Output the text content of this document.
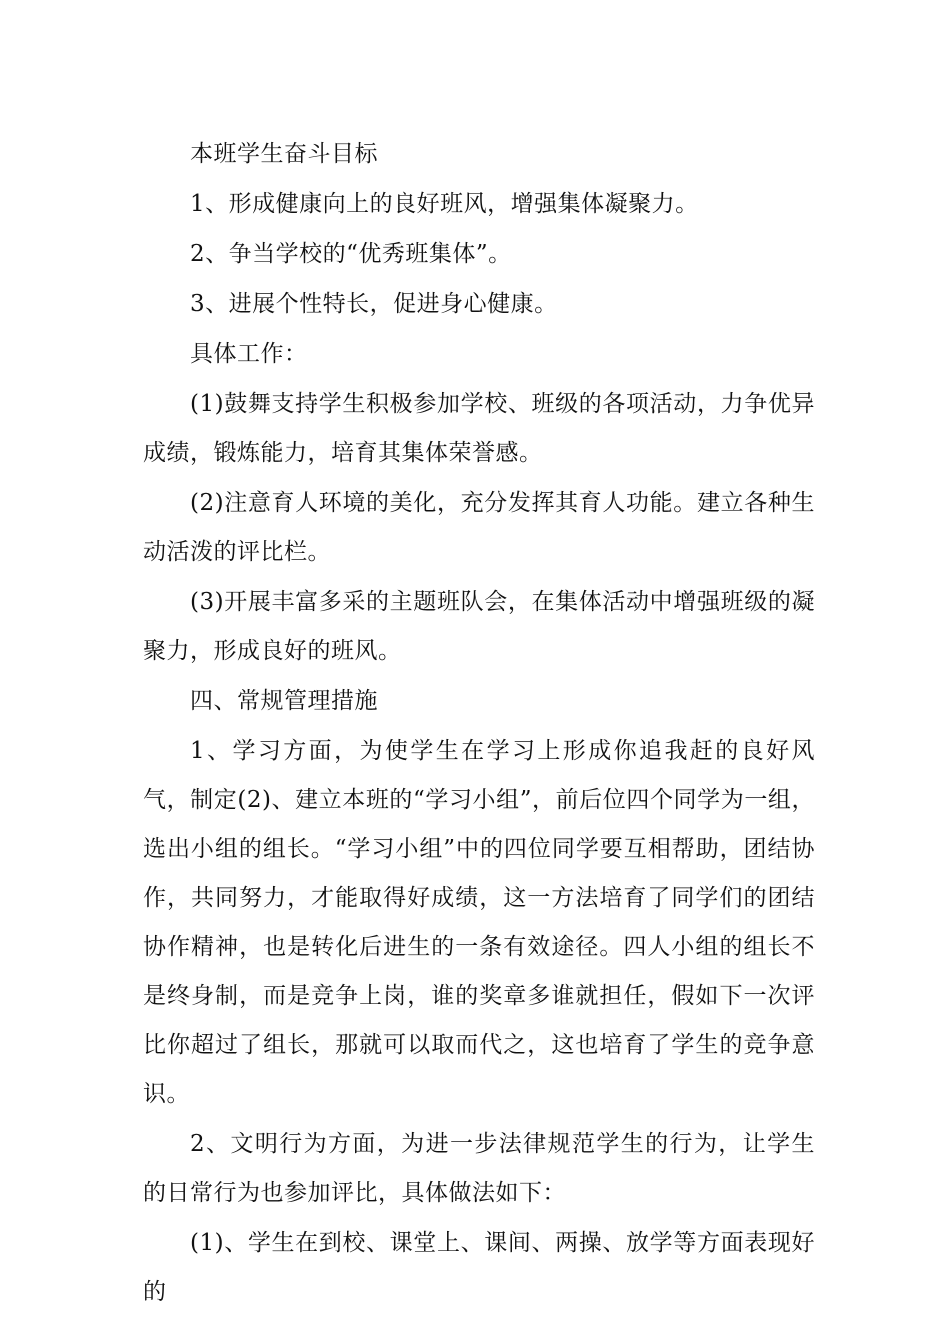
本班学生奋斗目标

1、形成健康向上的良好班风，增强集体凝聚力。

2、争当学校的“优秀班集体”。

3、进展个性特长，促进身心健康。

具体工作：

(1)鼓舞支持学生积极参加学校、班级的各项活动，力争优异成绩，锻炼能力，培育其集体荣誉感。

(2)注意育人环境的美化，充分发挥其育人功能。建立各种生动活泼的评比栏。

(3)开展丰富多采的主题班队会，在集体活动中增强班级的凝聚力，形成良好的班风。

四、常规管理措施

1、学习方面，为使学生在学习上形成你追我赶的良好风气，制定(2)、建立本班的“学习小组”，前后位四个同学为一组，选出小组的组长。“学习小组”中的四位同学要互相帮助，团结协作，共同努力，才能取得好成绩，这一方法培育了同学们的团结协作精神，也是转化后进生的一条有效途径。四人小组的组长不是终身制，而是竞争上岗，谁的奖章多谁就担任，假如下一次评比你超过了组长，那就可以取而代之，这也培育了学生的竞争意识。

2、文明行为方面，为进一步法律规范学生的行为，让学生的日常行为也参加评比，具体做法如下：

(1)、学生在到校、课堂上、课间、两操、放学等方面表现好的
